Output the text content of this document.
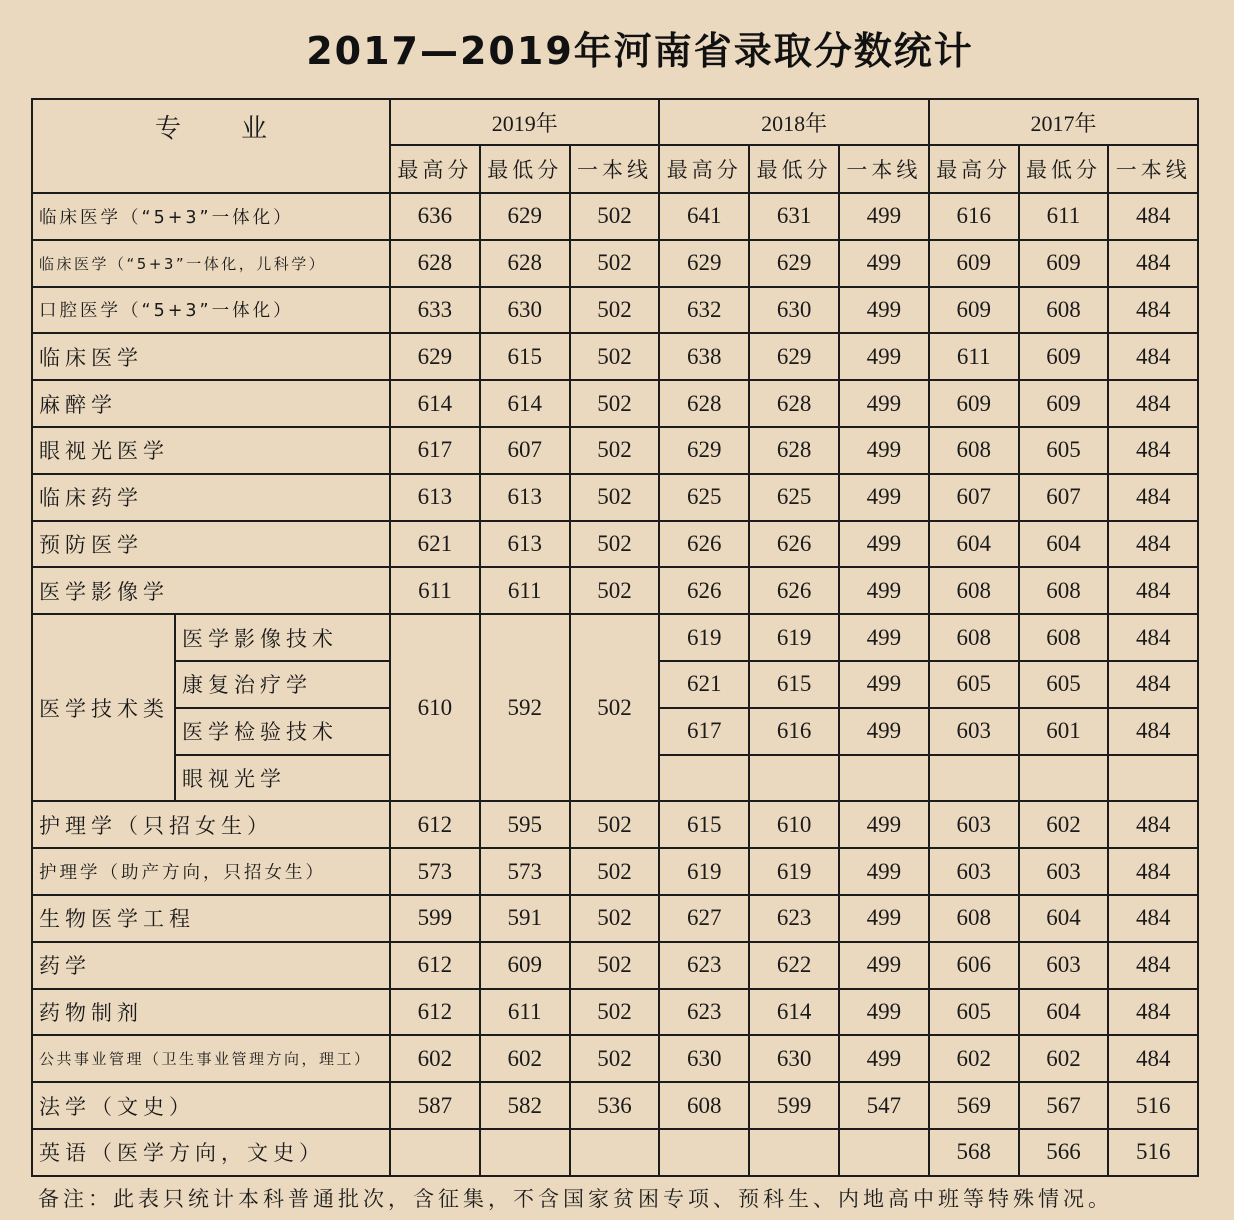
2017—2019年河南省录取分数统计
专业		2019年			2018年			2017年		
		最高分	最低分	一本线	最高分	最低分	一本线	最高分	最低分	一本线
临床医学（“5+3”一体化）		636	629	502	641	631	499	616	611	484
临床医学（“5+3”一体化，儿科学）		628	628	502	629	629	499	609	609	484
口腔医学（“5+3”一体化）		633	630	502	632	630	499	609	608	484
临床医学		629	615	502	638	629	499	611	609	484
麻醉学		614	614	502	628	628	499	609	609	484
眼视光医学		617	607	502	629	628	499	608	605	484
临床药学		613	613	502	625	625	499	607	607	484
预防医学		621	613	502	626	626	499	604	604	484
医学影像学		611	611	502	626	626	499	608	608	484
医学技术类	医学影像技术	610	592	502	619	619	499	608	608	484
	康复治疗学				621	615	499	605	605	484
	医学检验技术				617	616	499	603	601	484
	眼视光学									
护理学（只招女生）		612	595	502	615	610	499	603	602	484
护理学（助产方向，只招女生）		573	573	502	619	619	499	603	603	484
生物医学工程		599	591	502	627	623	499	608	604	484
药学		612	609	502	623	622	499	606	603	484
药物制剂		612	611	502	623	614	499	605	604	484
公共事业管理（卫生事业管理方向，理工）		602	602	502	630	630	499	602	602	484
法学（文史）		587	582	536	608	599	547	569	567	516
英语（医学方向，文史）								568	566	516
备注：此表只统计本科普通批次，含征集，不含国家贫困专项、预科生、内地高中班等特殊情况。
